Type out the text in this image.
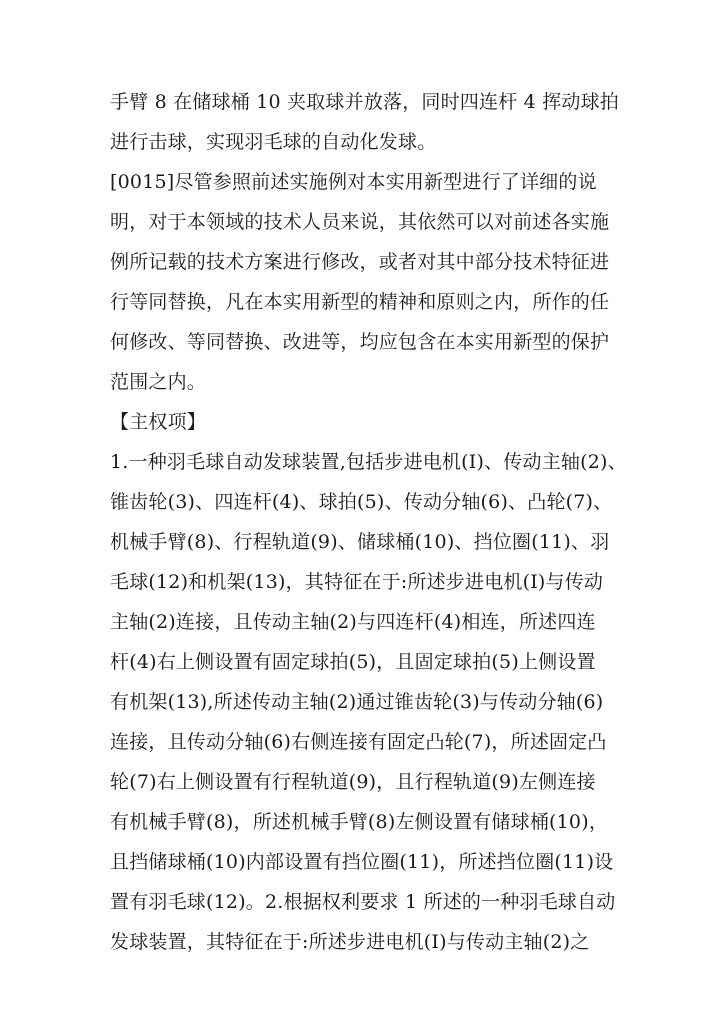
手臂 8 在储球桶 10 夹取球并放落，同时四连杆 4 挥动球拍
进行击球，实现羽毛球的自动化发球。
[0015]尽管参照前述实施例对本实用新型进行了详细的说
明，对于本领域的技术人员来说，其依然可以对前述各实施
例所记载的技术方案进行修改，或者对其中部分技术特征进
行等同替换，凡在本实用新型的精神和原则之内，所作的任
何修改、等同替换、改进等，均应包含在本实用新型的保护
范围之内。
【主权项】
1.一种羽毛球自动发球装置,包括步进电机(I)、传动主轴(2)、
锥齿轮(3)、四连杆(4)、球拍(5)、传动分轴(6)、凸轮(7)、
机械手臂(8)、行程轨道(9)、储球桶(10)、挡位圈(11)、羽
毛球(12)和机架(13)，其特征在于:所述步进电机(I)与传动
主轴(2)连接，且传动主轴(2)与四连杆(4)相连，所述四连
杆(4)右上侧设置有固定球拍(5)，且固定球拍(5)上侧设置
有机架(13),所述传动主轴(2)通过锥齿轮(3)与传动分轴(6)
连接，且传动分轴(6)右侧连接有固定凸轮(7)，所述固定凸
轮(7)右上侧设置有行程轨道(9)，且行程轨道(9)左侧连接
有机械手臂(8)，所述机械手臂(8)左侧设置有储球桶(10)，
且挡储球桶(10)内部设置有挡位圈(11)，所述挡位圈(11)设
置有羽毛球(12)。2.根据权利要求 1 所述的一种羽毛球自动
发球装置，其特征在于:所述步进电机(I)与传动主轴(2)之
